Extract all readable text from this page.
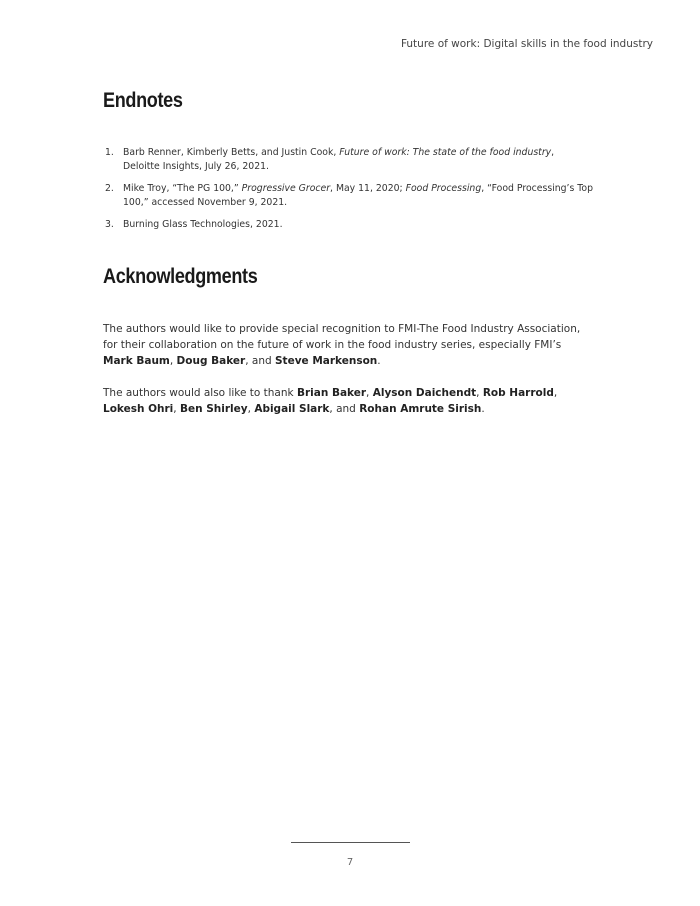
Future of work: Digital skills in the food industry
Endnotes
1. Barb Renner, Kimberly Betts, and Justin Cook, Future of work: The state of the food industry, Deloitte Insights, July 26, 2021.
2. Mike Troy, “The PG 100,” Progressive Grocer, May 11, 2020; Food Processing, “Food Processing’s Top 100,” accessed November 9, 2021.
3. Burning Glass Technologies, 2021.
Acknowledgments

The authors would like to provide special recognition to FMI-The Food Industry Association, for their collaboration on the future of work in the food industry series, especially FMI’s Mark Baum, Doug Baker, and Steve Markenson.

The authors would also like to thank Brian Baker, Alyson Daichendt, Rob Harrold, Lokesh Ohri, Ben Shirley, Abigail Slark, and Rohan Amrute Sirish.

7
